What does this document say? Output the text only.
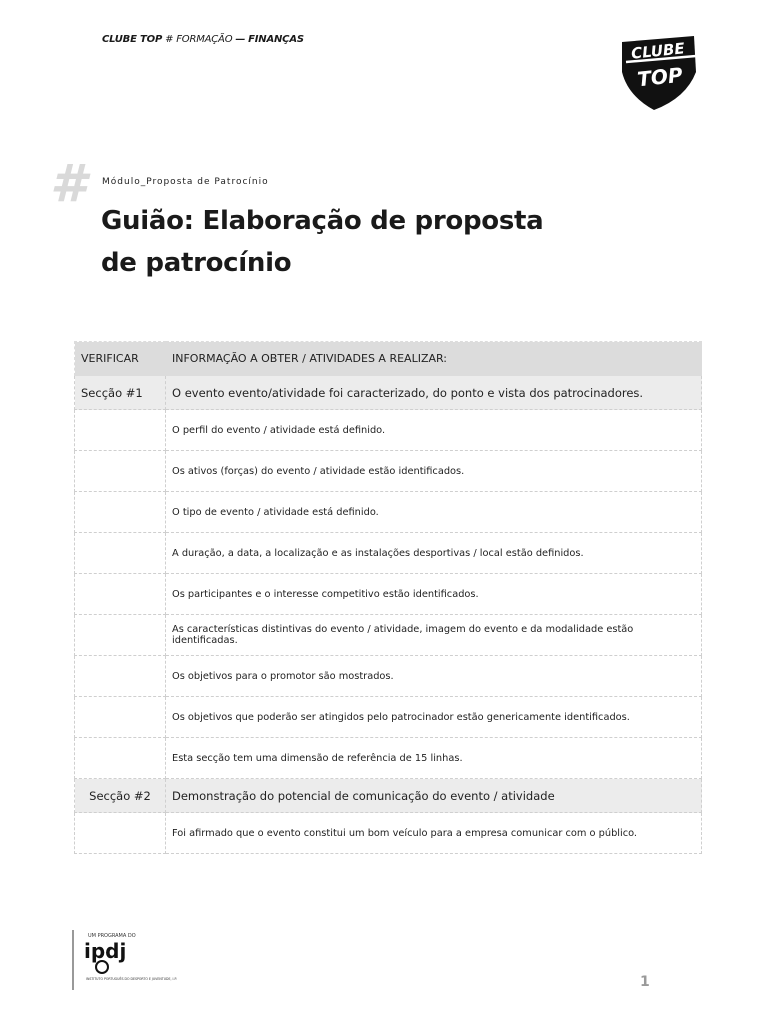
CLUBE TOP # FORMAÇÃO — FINANÇAS	CLUBE
TOP
# Módulo_Proposta de Patrocínio
Guião: Elaboração de proposta
de patrocínio
VERIFICAR	INFORMAÇÃO A OBTER / ATIVIDADES A REALIZAR:
Secção #1	O evento evento/atividade foi caracterizado, do ponto e vista dos patrocinadores.
	O perfil do evento / atividade está definido.
	Os ativos (forças) do evento / atividade estão identificados.
	O tipo de evento / atividade está definido.
	A duração, a data, a localização e as instalações desportivas / local estão definidos.
	Os participantes e o interesse competitivo estão identificados.
	As características distintivas do evento / atividade, imagem do evento e da modalidade estão identificadas.
	Os objetivos para o promotor são mostrados.
	Os objetivos que poderão ser atingidos pelo patrocinador estão genericamente identificados.
	Esta secção tem uma dimensão de referência de 15 linhas.
Secção #2	Demonstração do potencial de comunicação do evento / atividade
	Foi afirmado que o evento constitui um bom veículo para a empresa comunicar com o público.
UM PROGRAMA DO
ipdj
INSTITUTO PORTUGUÊS DO DESPORTO E JUVENTUDE, I.P.	1
